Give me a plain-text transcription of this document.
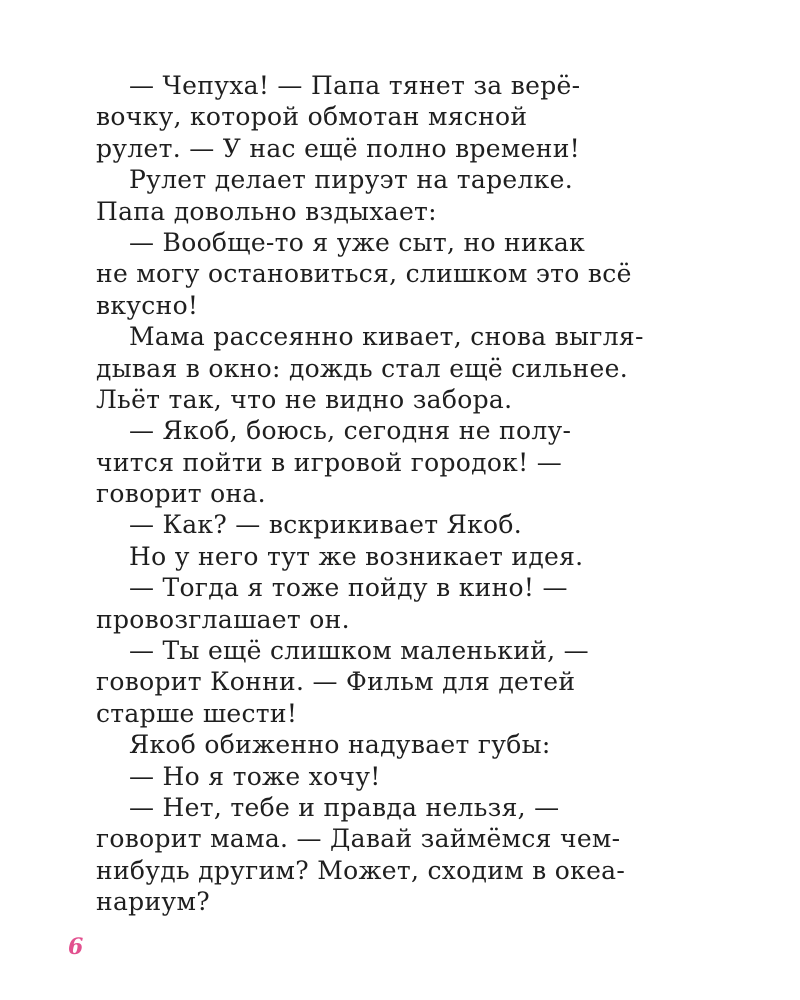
— Чепуха! — Папа тянет за верё-
вочку, которой обмотан мясной
рулет. — У нас ещё полно времени!
Рулет делает пируэт на тарелке.
Папа довольно вздыхает:
— Вообще-то я уже сыт, но никак
не могу остановиться, слишком это всё
вкусно!
Мама рассеянно кивает, снова выгля-
дывая в окно: дождь стал ещё сильнее.
Льёт так, что не видно забора.
— Якоб, боюсь, сегодня не полу-
чится пойти в игровой городок! —
говорит она.
— Как? — вскрикивает Якоб.
Но у него тут же возникает идея.
— Тогда я тоже пойду в кино! —
провозглашает он.
— Ты ещё слишком маленький, —
говорит Конни. — Фильм для детей
старше шести!
Якоб обиженно надувает губы:
— Но я тоже хочу!
— Нет, тебе и правда нельзя, —
говорит мама. — Давай займёмся чем-
нибудь другим? Может, сходим в океа-
нариум?
6
